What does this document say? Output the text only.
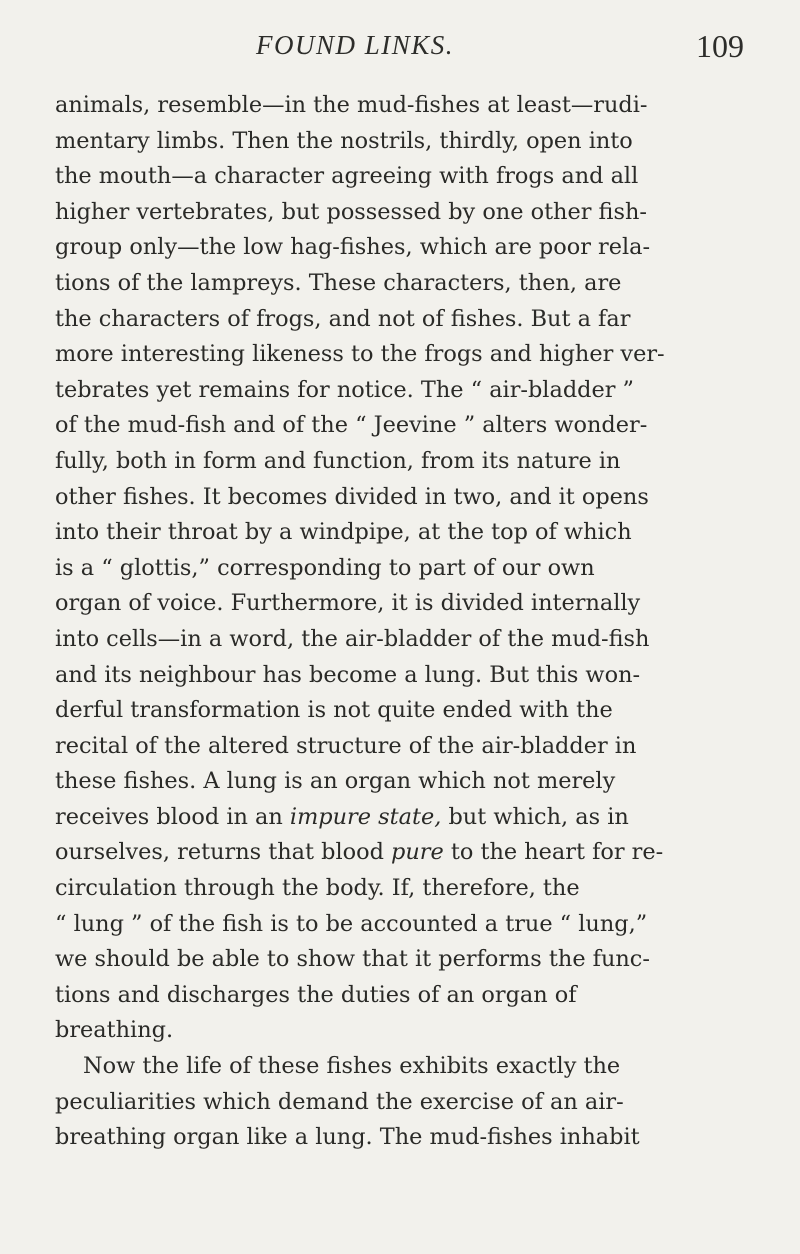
FOUND LINKS.	109
animals, resemble—in the mud-fishes at least—rudi-
mentary limbs. Then the nostrils, thirdly, open into
the mouth—a character agreeing with frogs and all
higher vertebrates, but possessed by one other fish-
group only—the low hag-fishes, which are poor rela-
tions of the lampreys. These characters, then, are
the characters of frogs, and not of fishes. But a far
more interesting likeness to the frogs and higher ver-
tebrates yet remains for notice. The “ air-bladder ”
of the mud-fish and of the “ Jeevine ” alters wonder-
fully, both in form and function, from its nature in
other fishes. It becomes divided in two, and it opens
into their throat by a windpipe, at the top of which
is a “ glottis,” corresponding to part of our own
organ of voice. Furthermore, it is divided internally
into cells—in a word, the air-bladder of the mud-fish
and its neighbour has become a lung. But this won-
derful transformation is not quite ended with the
recital of the altered structure of the air-bladder in
these fishes. A lung is an organ which not merely
receives blood in an impure state, but which, as in
ourselves, returns that blood pure to the heart for re-
circulation through the body. If, therefore, the
“ lung ” of the fish is to be accounted a true “ lung,”
we should be able to show that it performs the func-
tions and discharges the duties of an organ of
breathing.
Now the life of these fishes exhibits exactly the
peculiarities which demand the exercise of an air-
breathing organ like a lung. The mud-fishes inhabit
